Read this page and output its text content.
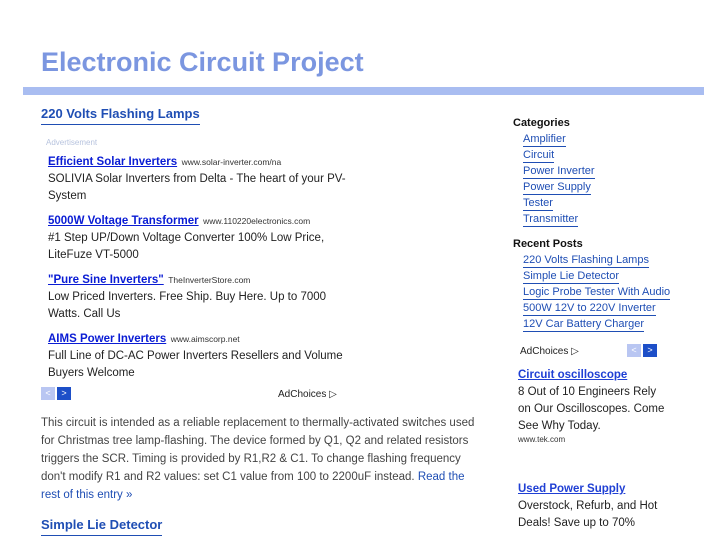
Electronic Circuit Project
220 Volts Flashing Lamps
Advertisement
Efficient Solar Inverters www.solar-inverter.com/na
SOLIVIA Solar Inverters from Delta - The heart of your PV-System
5000W Voltage Transformer www.110220electronics.com
#1 Step UP/Down Voltage Converter 100% Low Price, LiteFuze VT-5000
"Pure Sine Inverters" TheInverterStore.com
Low Priced Inverters. Free Ship. Buy Here. Up to 7000 Watts. Call Us
AIMS Power Inverters www.aimscorp.net
Full Line of DC-AC Power Inverters Resellers and Volume Buyers Welcome
<	>	AdChoices ▷

This circuit is intended as a reliable replacement to thermally-activated switches used for Christmas tree lamp-flashing. The device formed by Q1, Q2 and related resistors triggers the SCR. Timing is provided by R1,R2 & C1. To change flashing frequency don't modify R1 and R2 values: set C1 value from 100 to 2200uF instead. Read the rest of this entry »

Simple Lie Detector
Categories
Amplifier
Circuit
Power Inverter
Power Supply
Tester
Transmitter
Recent Posts
220 Volts Flashing Lamps
Simple Lie Detector
Logic Probe Tester With Audio
500W 12V to 220V Inverter
12V Car Battery Charger
AdChoices ▷	<	>
Circuit oscilloscope
8 Out of 10 Engineers Rely on Our Oscilloscopes. Come See Why Today.
www.tek.com
Used Power Supply
Overstock, Refurb, and Hot Deals! Save up to 70%
